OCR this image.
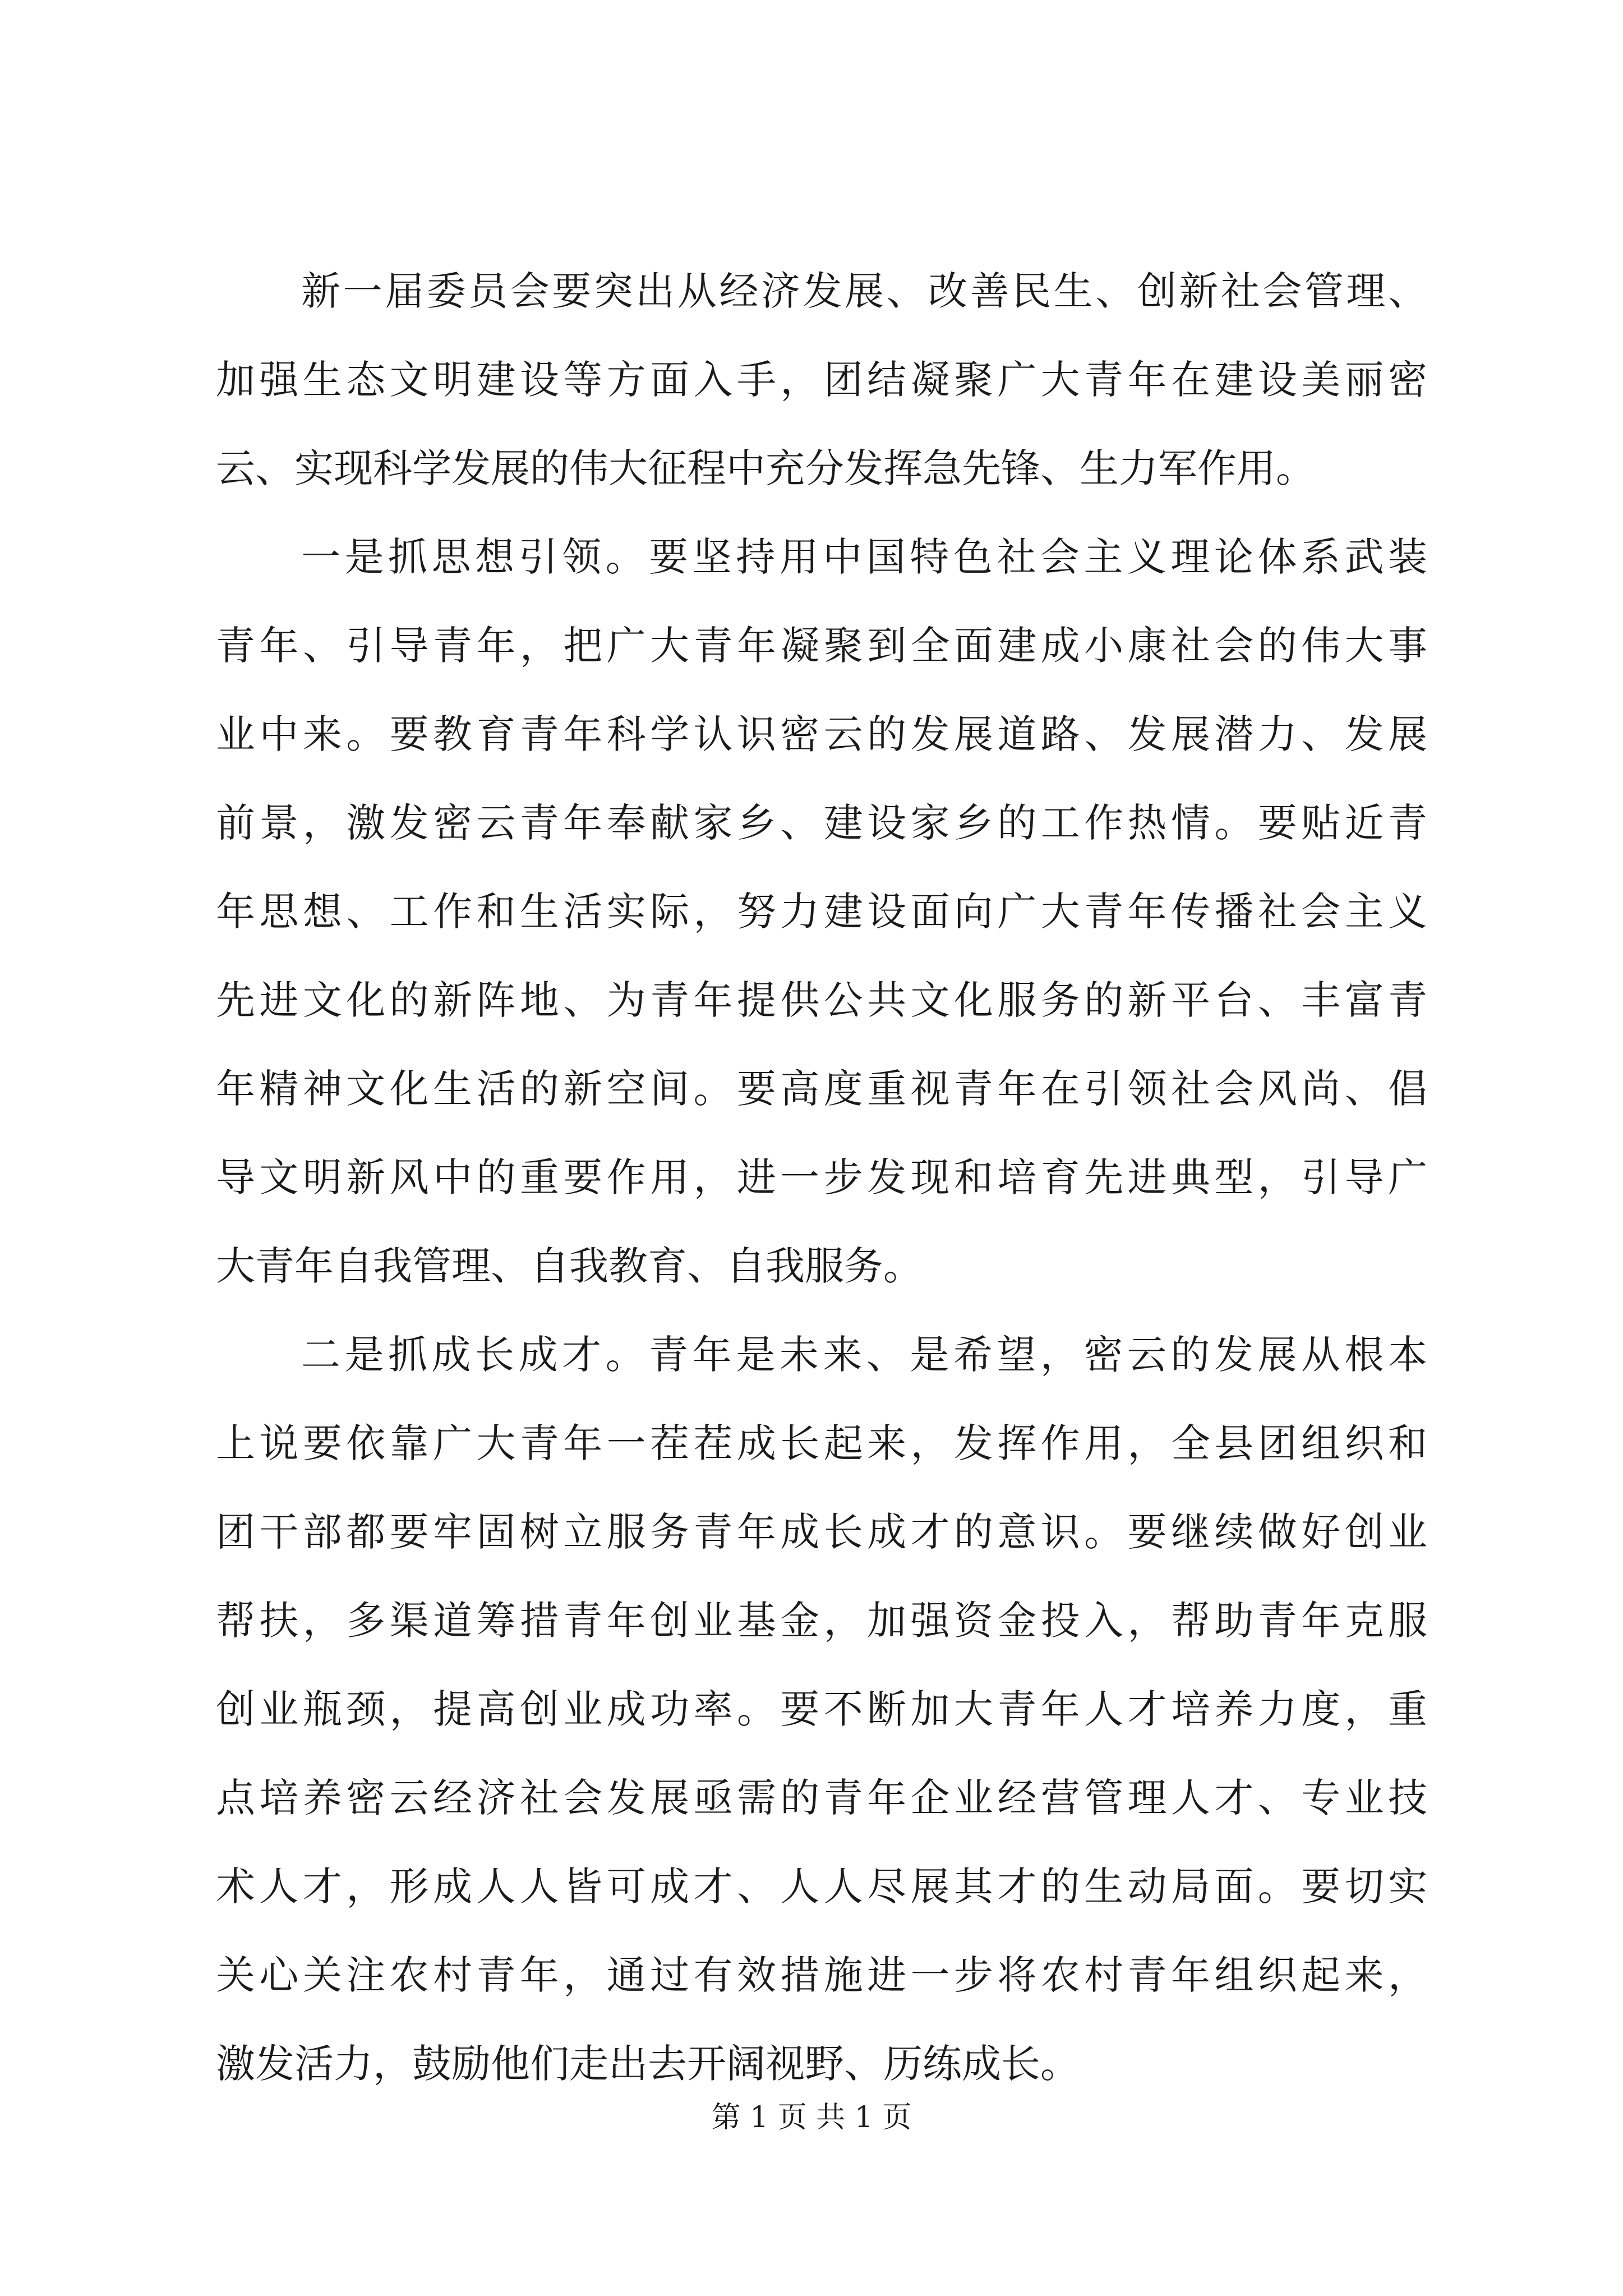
新一届委员会要突出从经济发展、改善民生、创新社会管理、
加强生态文明建设等方面入手，团结凝聚广大青年在建设美丽密
云、实现科学发展的伟大征程中充分发挥急先锋、生力军作用。
一是抓思想引领。要坚持用中国特色社会主义理论体系武装
青年、引导青年，把广大青年凝聚到全面建成小康社会的伟大事
业中来。要教育青年科学认识密云的发展道路、发展潜力、发展
前景，激发密云青年奉献家乡、建设家乡的工作热情。要贴近青
年思想、工作和生活实际，努力建设面向广大青年传播社会主义
先进文化的新阵地、为青年提供公共文化服务的新平台、丰富青
年精神文化生活的新空间。要高度重视青年在引领社会风尚、倡
导文明新风中的重要作用，进一步发现和培育先进典型，引导广
大青年自我管理、自我教育、自我服务。
二是抓成长成才。青年是未来、是希望，密云的发展从根本
上说要依靠广大青年一茬茬成长起来，发挥作用，全县团组织和
团干部都要牢固树立服务青年成长成才的意识。要继续做好创业
帮扶，多渠道筹措青年创业基金，加强资金投入，帮助青年克服
创业瓶颈，提高创业成功率。要不断加大青年人才培养力度，重
点培养密云经济社会发展亟需的青年企业经营管理人才、专业技
术人才，形成人人皆可成才、人人尽展其才的生动局面。要切实
关心关注农村青年，通过有效措施进一步将农村青年组织起来，
激发活力，鼓励他们走出去开阔视野、历练成长。
第 1 页 共 1 页
